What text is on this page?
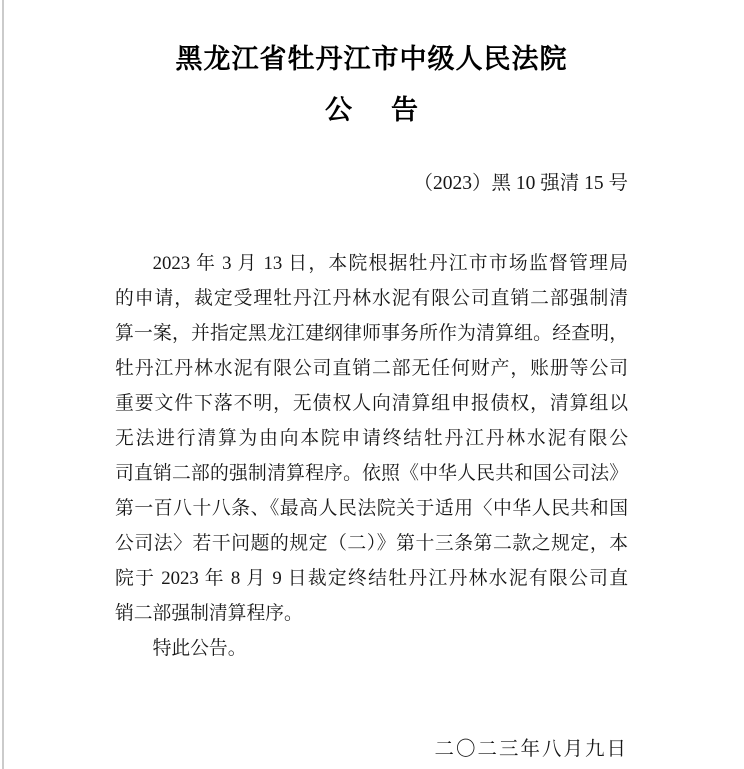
黑龙江省牡丹江市中级人民法院
公　告
（2023）黑 10 强清 15 号
2023 年 3 月 13 日，本院根据牡丹江市市场监督管理局
的申请，裁定受理牡丹江丹林水泥有限公司直销二部强制清
算一案，并指定黑龙江建纲律师事务所作为清算组。经查明，
牡丹江丹林水泥有限公司直销二部无任何财产，账册等公司
重要文件下落不明，无债权人向清算组申报债权，清算组以
无法进行清算为由向本院申请终结牡丹江丹林水泥有限公
司直销二部的强制清算程序。依照《中华人民共和国公司法》
第一百八十八条、《最高人民法院关于适用〈中华人民共和国
公司法〉若干问题的规定（二）》第十三条第二款之规定，本
院于 2023 年 8 月 9 日裁定终结牡丹江丹林水泥有限公司直
销二部强制清算程序。
特此公告。
二〇二三年八月九日
